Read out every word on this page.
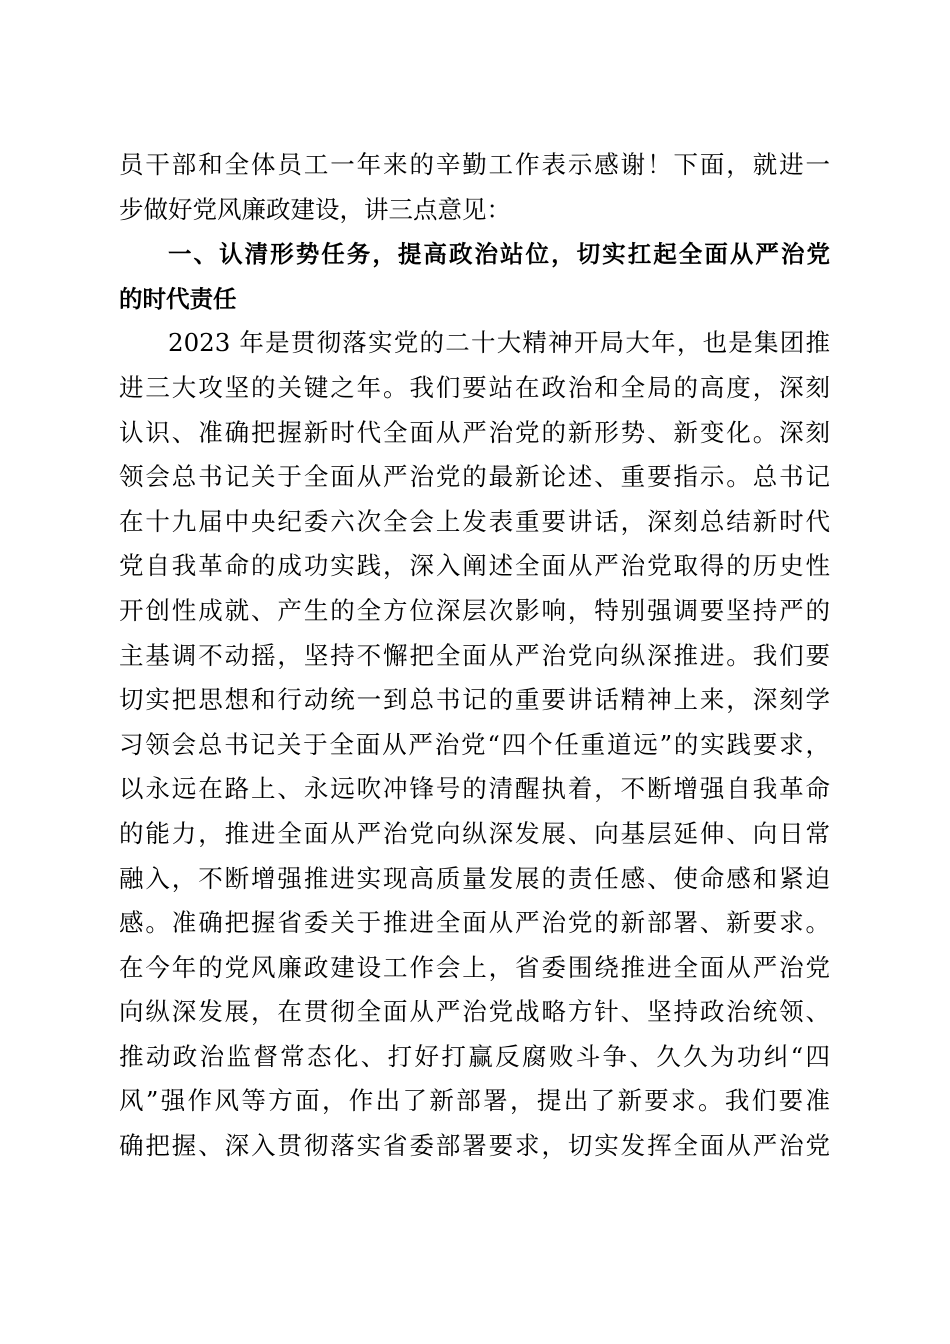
员干部和全体员工一年来的辛勤工作表示感谢！下面，就进一
步做好党风廉政建设，讲三点意见：
一、认清形势任务，提高政治站位，切实扛起全面从严治党
的时代责任
2023 年是贯彻落实党的二十大精神开局大年，也是集团推
进三大攻坚的关键之年。我们要站在政治和全局的高度，深刻
认识、准确把握新时代全面从严治党的新形势、新变化。深刻
领会总书记关于全面从严治党的最新论述、重要指示。总书记
在十九届中央纪委六次全会上发表重要讲话，深刻总结新时代
党自我革命的成功实践，深入阐述全面从严治党取得的历史性
开创性成就、产生的全方位深层次影响，特别强调要坚持严的
主基调不动摇，坚持不懈把全面从严治党向纵深推进。我们要
切实把思想和行动统一到总书记的重要讲话精神上来，深刻学
习领会总书记关于全面从严治党“四个任重道远”的实践要求，
以永远在路上、永远吹冲锋号的清醒执着，不断增强自我革命
的能力，推进全面从严治党向纵深发展、向基层延伸、向日常
融入，不断增强推进实现高质量发展的责任感、使命感和紧迫
感。准确把握省委关于推进全面从严治党的新部署、新要求。
在今年的党风廉政建设工作会上，省委围绕推进全面从严治党
向纵深发展，在贯彻全面从严治党战略方针、坚持政治统领、
推动政治监督常态化、打好打赢反腐败斗争、久久为功纠“四
风”强作风等方面，作出了新部署，提出了新要求。我们要准
确把握、深入贯彻落实省委部署要求，切实发挥全面从严治党
